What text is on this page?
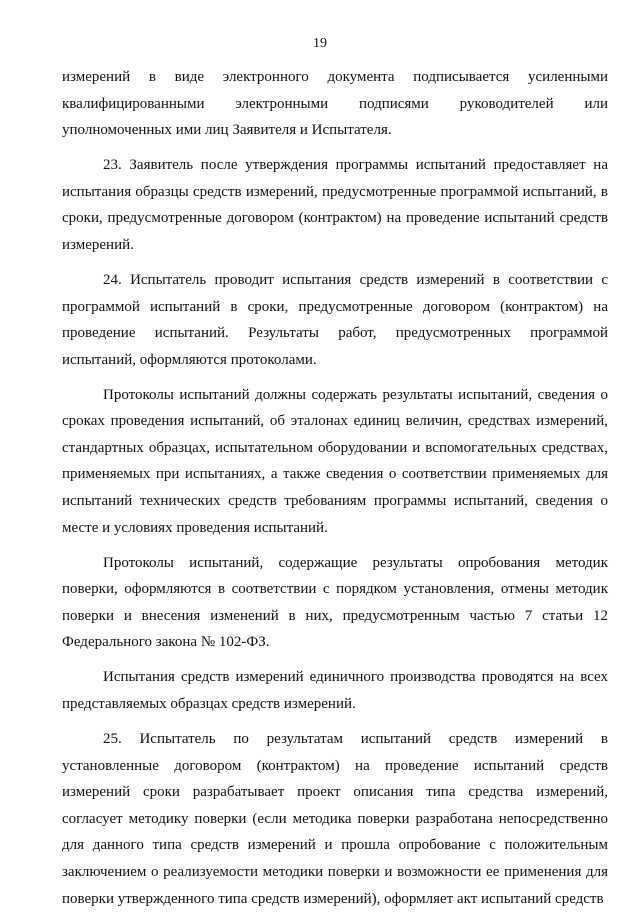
19

измерений в виде электронного документа подписывается усиленными квалифицированными электронными подписями руководителей или уполномоченных ими лиц Заявителя и Испытателя.

23. Заявитель после утверждения программы испытаний предоставляет на испытания образцы средств измерений, предусмотренные программой испытаний, в сроки, предусмотренные договором (контрактом) на проведение испытаний средств измерений.

24. Испытатель проводит испытания средств измерений в соответствии с программой испытаний в сроки, предусмотренные договором (контрактом) на проведение испытаний. Результаты работ, предусмотренных программой испытаний, оформляются протоколами.

Протоколы испытаний должны содержать результаты испытаний, сведения о сроках проведения испытаний, об эталонах единиц величин, средствах измерений, стандартных образцах, испытательном оборудовании и вспомогательных средствах, применяемых при испытаниях, а также сведения о соответствии применяемых для испытаний технических средств требованиям программы испытаний, сведения о месте и условиях проведения испытаний.

Протоколы испытаний, содержащие результаты опробования методик поверки, оформляются в соответствии с порядком установления, отмены методик поверки и внесения изменений в них, предусмотренным частью 7 статьи 12 Федерального закона № 102-ФЗ.

Испытания средств измерений единичного производства проводятся на всех представляемых образцах средств измерений.

25. Испытатель по результатам испытаний средств измерений в установленные договором (контрактом) на проведение испытаний средств измерений сроки разрабатывает проект описания типа средства измерений, согласует методику поверки (если методика поверки разработана непосредственно для данного типа средств измерений и прошла опробование с положительным заключением о реализуемости методики поверки и возможности ее применения для поверки утвержденного типа средств измерений), оформляет акт испытаний средств
